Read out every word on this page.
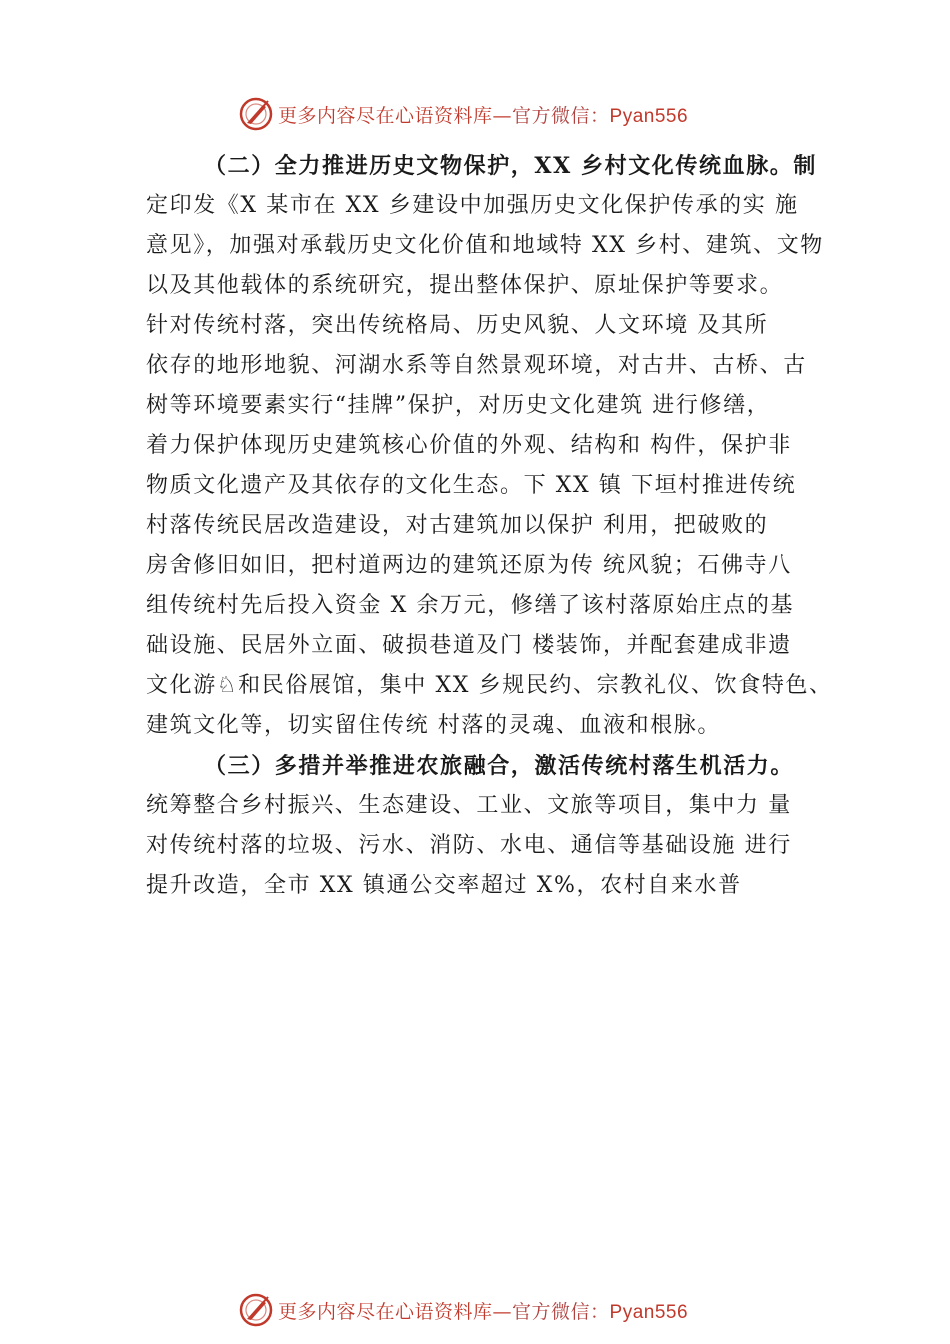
更多内容尽在心语资料库—官方微信：Pyan556
（二）全力推进历史文物保护，XX 乡村文化传统血脉。制
定印发《X 某市在 XX 乡建设中加强历史文化保护传承的实 施
意见》，加强对承载历史文化价值和地域特 XX 乡村、建筑、文物
以及其他载体的系统研究，提出整体保护、原址保护等要求。
针对传统村落，突出传统格局、历史风貌、人文环境 及其所
依存的地形地貌、河湖水系等自然景观环境，对古井、古桥、古
树等环境要素实行“挂牌”保护，对历史文化建筑 进行修缮，
着力保护体现历史建筑核心价值的外观、结构和 构件，保护非
物质文化遗产及其依存的文化生态。下 XX 镇 下垣村推进传统
村落传统民居改造建设，对古建筑加以保护 利用，把破败的
房舍修旧如旧，把村道两边的建筑还原为传 统风貌；石佛寺八
组传统村先后投入资金 X 余万元，修缮了该村落原始庄点的基
础设施、民居外立面、破损巷道及门 楼装饰，并配套建成非遗
文化游♘和民俗展馆，集中 XX 乡规民约、宗教礼仪、饮食特色、
建筑文化等，切实留住传统 村落的灵魂、血液和根脉。
（三）多措并举推进农旅融合，激活传统村落生机活力。
统筹整合乡村振兴、生态建设、工业、文旅等项目，集中力 量
对传统村落的垃圾、污水、消防、水电、通信等基础设施 进行
提升改造，全市 XX 镇通公交率超过 X%，农村自来水普
更多内容尽在心语资料库—官方微信：Pyan556
